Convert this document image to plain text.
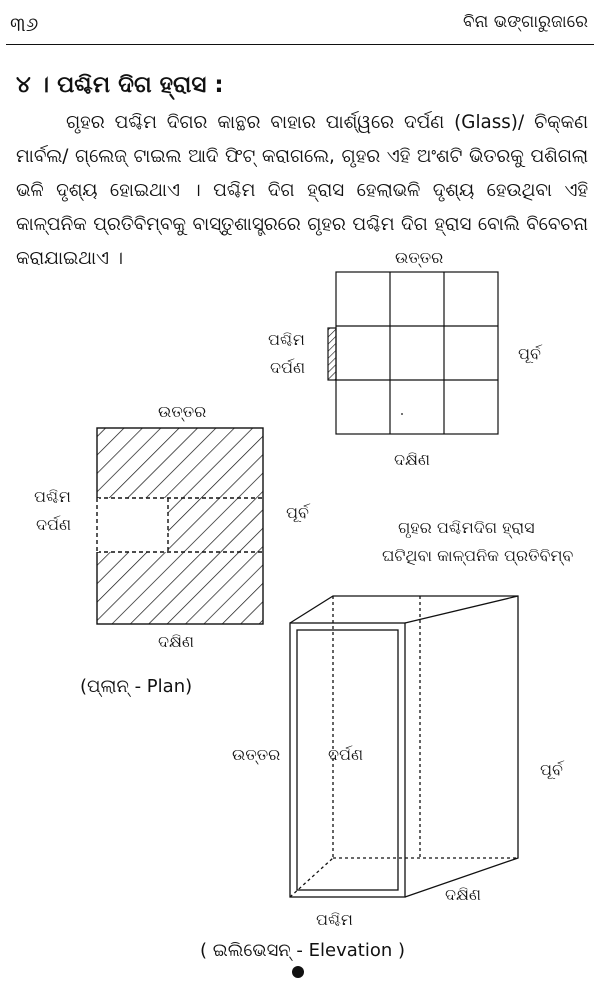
୩୬	ବିନା ଭଙ୍ଗାରୁଜାରେ
୪ । ପଶ୍ଚିମ ଦିଗ ହ୍ରାସ :
ଗୃହର ପଶ୍ଚିମ ଦିଗର କାନ୍ଥର ବାହାର ପାର୍ଶ୍ୱରେ ଦର୍ପଣ (Glass)/ ଚିକ୍କଣ ମାର୍ବଲ/ ଗ୍ଲେଜ୍ ଟାଇଲ ଆଦି ଫିଟ୍ କରାଗଲେ, ଗୃହର ଏହି ଅଂଶଟି ଭିତରକୁ ପଶିଗଲା ଭଳି ଦୃଶ୍ୟ ହୋଇଥାଏ । ପଶ୍ଚିମ ଦିଗ ହ୍ରାସ ହେଲାଭଳି ଦୃଶ୍ୟ ହେଉଥିବା ଏହି କାଳ୍ପନିକ ପ୍ରତିବିମ୍ବକୁ ବାସ୍ତୁଶାସ୍ତ୍ରରେ ଗୃହର ପଶ୍ଚିମ ଦିଗ ହ୍ରାସ ବୋଲି ବିବେଚନା କରାଯାଇଥାଏ ।	ଉତ୍ତର
ପଶ୍ଚିମ
ଦର୍ପଣ
ପୂର୍ବ
ଦକ୍ଷିଣ
ଉତ୍ତର
ପଶ୍ଚିମ
ଦର୍ପଣ
ପୂର୍ବ
ଦକ୍ଷିଣ
(ପ୍ଲାନ୍ - Plan)
ଗୃହର ପଶ୍ଚିମଦିଗ ହ୍ରାସ
ଘଟିଥିବା କାଳ୍ପନିକ ପ୍ରତିବିମ୍ବ
ଦର୍ପଣ
ଉତ୍ତର
ପୂର୍ବ
ଦକ୍ଷିଣ
ପଶ୍ଚିମ
( ଇଲିଭେସନ୍ - Elevation )
